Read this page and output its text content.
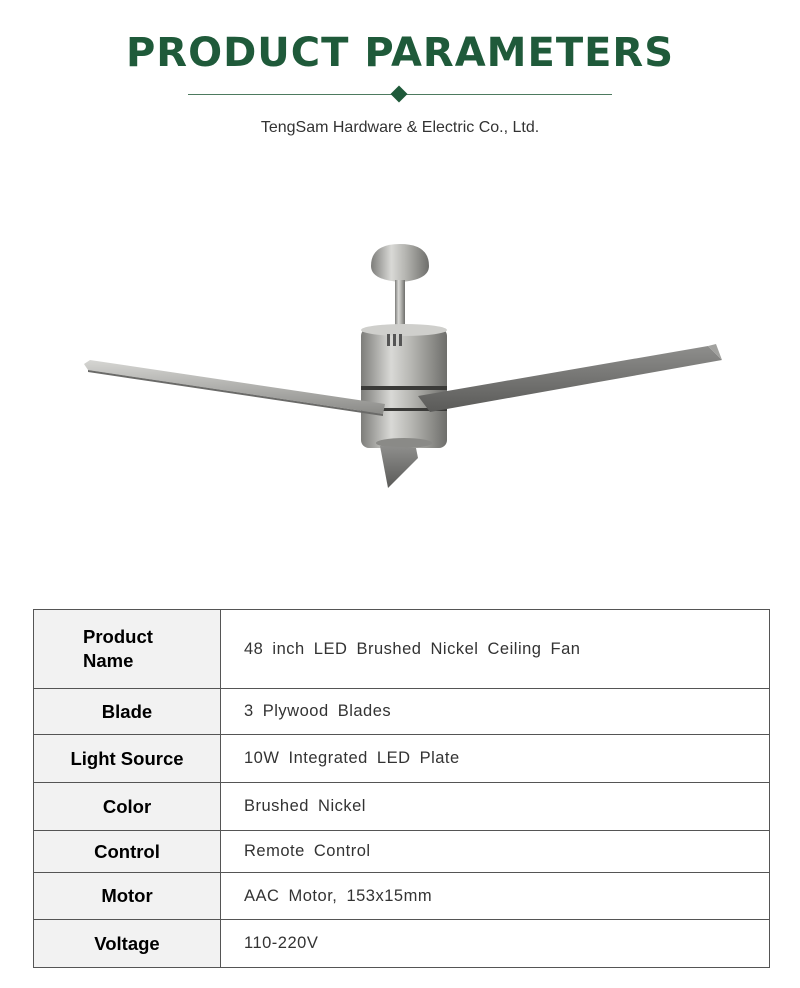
PRODUCT PARAMETERS
TengSam Hardware & Electric Co., Ltd.
Product Name	48 inch LED Brushed Nickel Ceiling Fan
Blade	3 Plywood Blades
Light Source	10W Integrated LED Plate
Color	Brushed Nickel
Control	Remote Control
Motor	AAC Motor, 153x15mm
Voltage	110-220V
